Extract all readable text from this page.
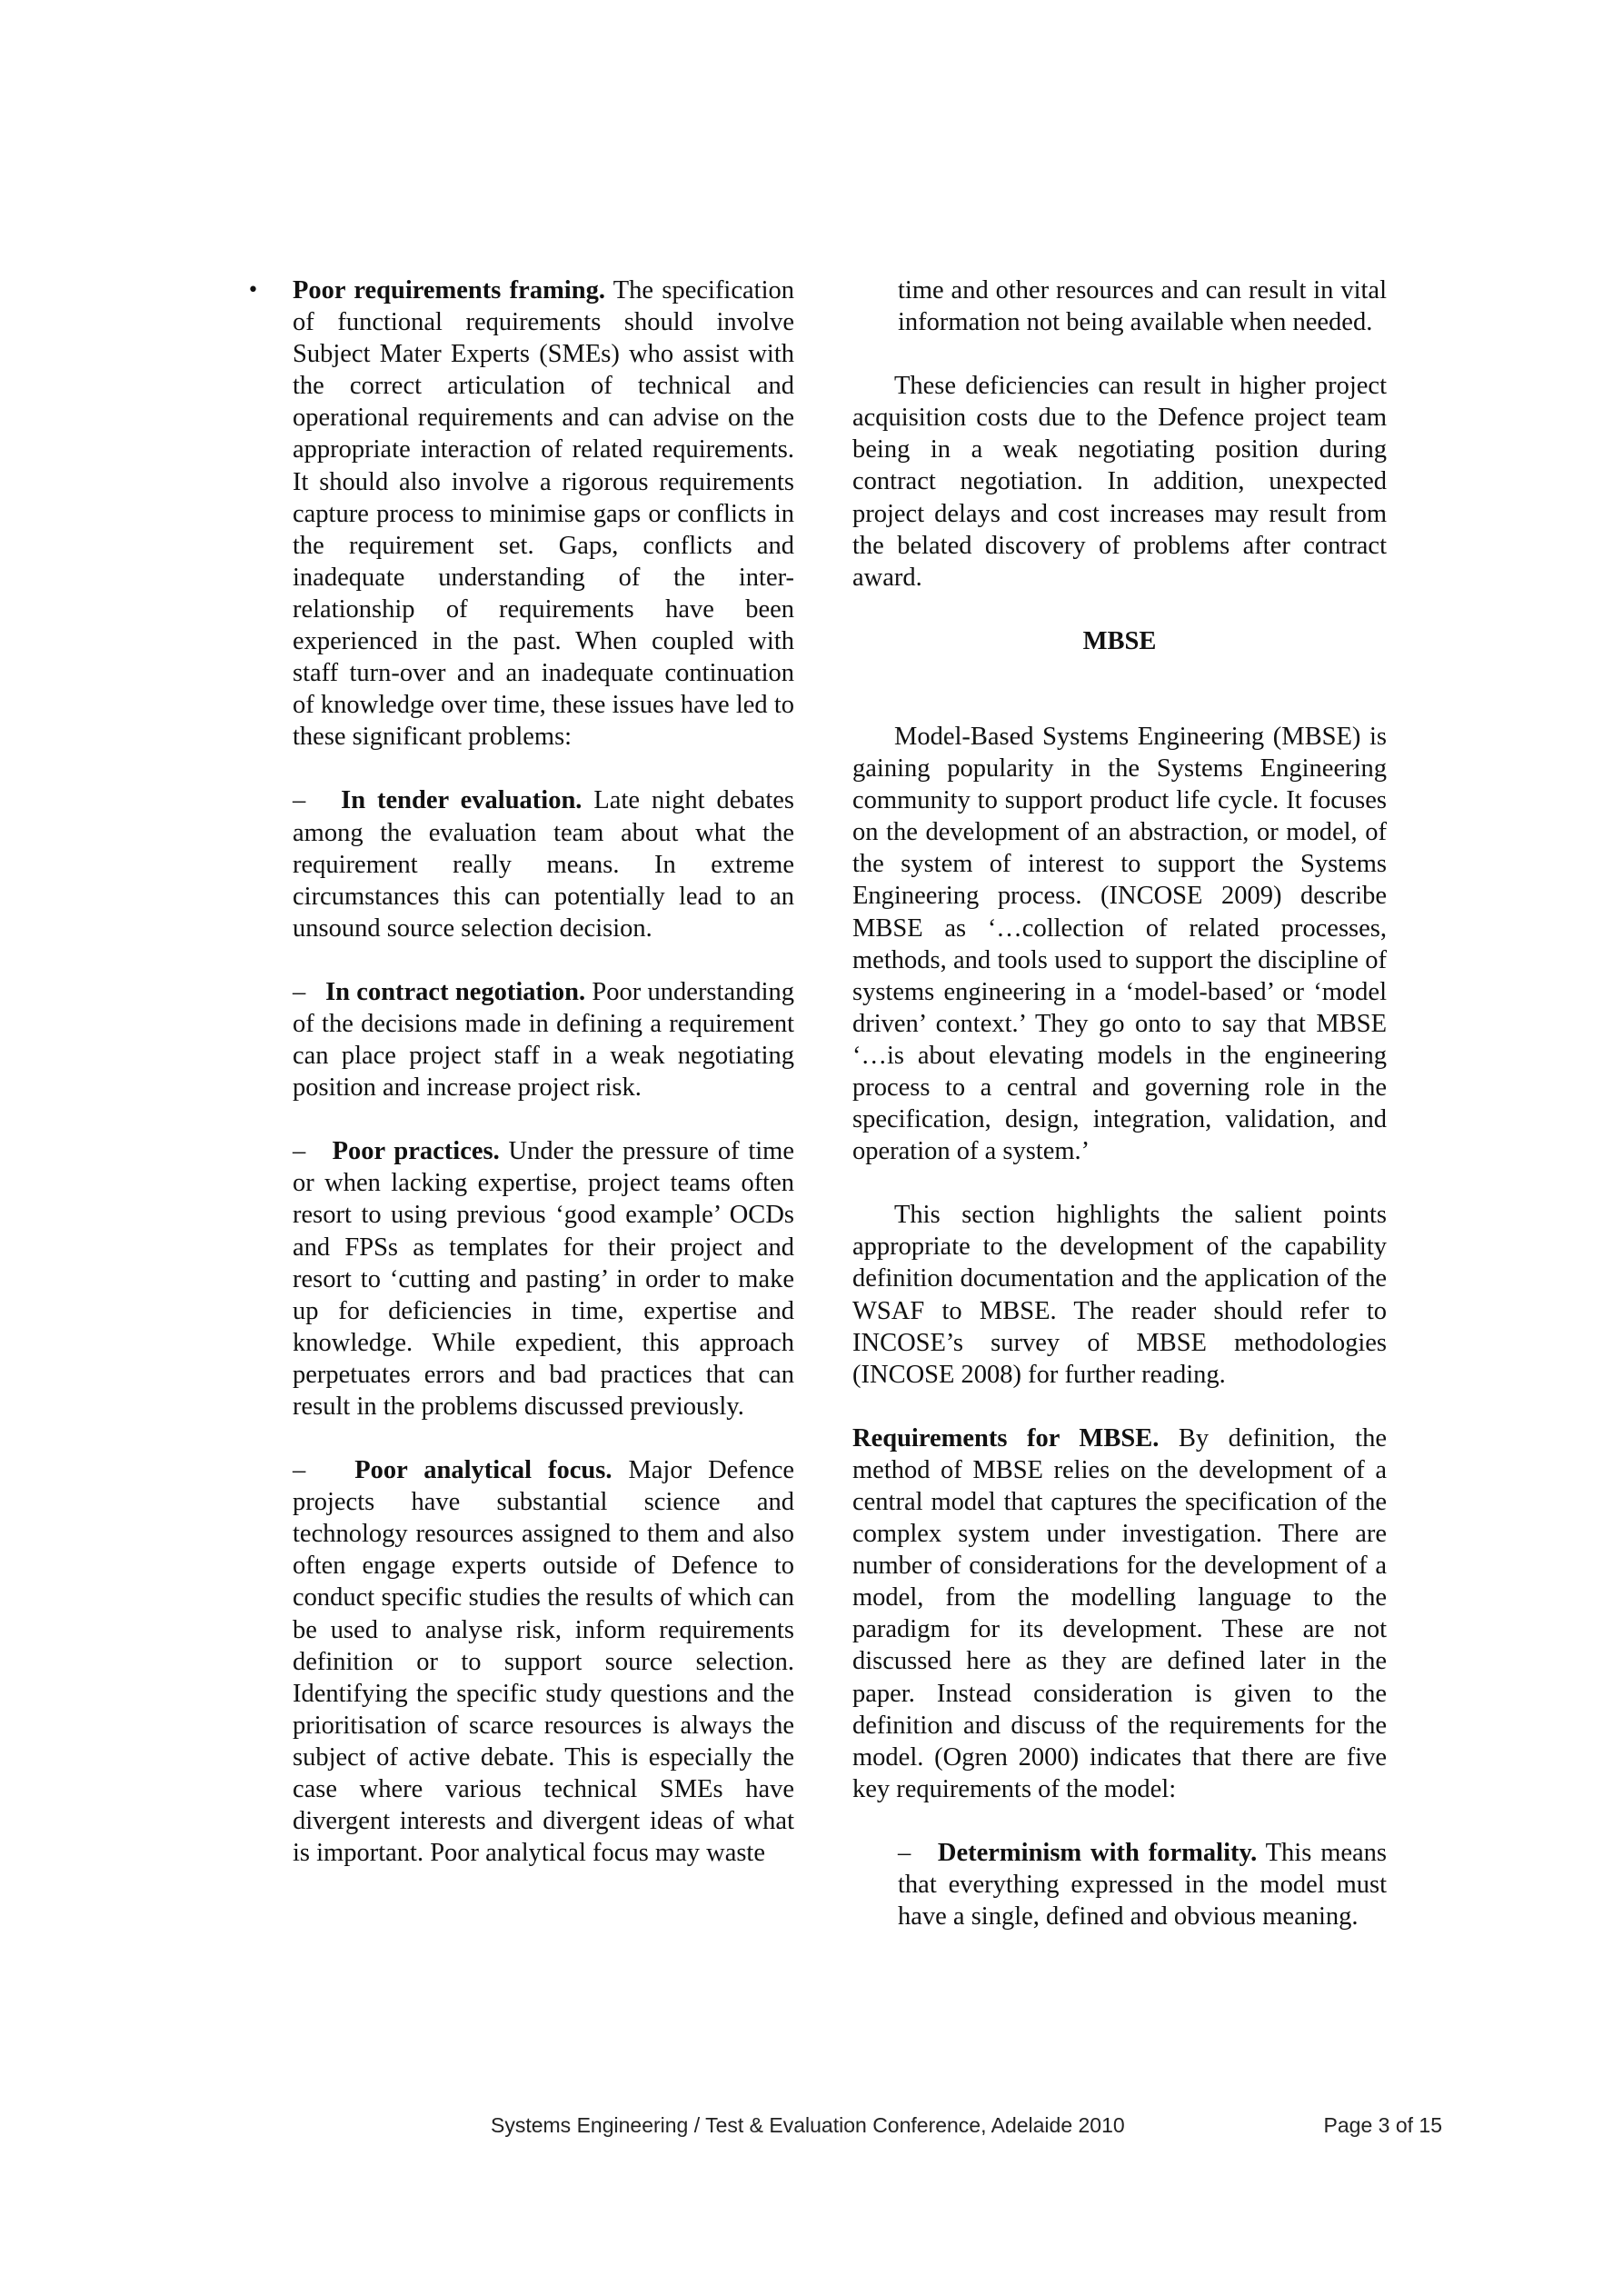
• Poor requirements framing. The specification of functional requirements should involve Subject Mater Experts (SMEs) who assist with the correct articulation of technical and operational requirements and can advise on the appropriate interaction of related requirements. It should also involve a rigorous requirements capture process to minimise gaps or conflicts in the requirement set. Gaps, conflicts and inadequate understanding of the inter-relationship of requirements have been experienced in the past. When coupled with staff turn-over and an inadequate continuation of knowledge over time, these issues have led to these significant problems:

– In tender evaluation. Late night debates among the evaluation team about what the requirement really means. In extreme circumstances this can potentially lead to an unsound source selection decision.

– In contract negotiation. Poor understanding of the decisions made in defining a requirement can place project staff in a weak negotiating position and increase project risk.

– Poor practices. Under the pressure of time or when lacking expertise, project teams often resort to using previous ‘good example’ OCDs and FPSs as templates for their project and resort to ‘cutting and pasting’ in order to make up for deficiencies in time, expertise and knowledge. While expedient, this approach perpetuates errors and bad practices that can result in the problems discussed previously.

– Poor analytical focus. Major Defence projects have substantial science and technology resources assigned to them and also often engage experts outside of Defence to conduct specific studies the results of which can be used to analyse risk, inform requirements definition or to support source selection. Identifying the specific study questions and the prioritisation of scarce resources is always the subject of active debate. This is especially the case where various technical SMEs have divergent interests and divergent ideas of what is important. Poor analytical focus may waste

time and other resources and can result in vital information not being available when needed.

These deficiencies can result in higher project acquisition costs due to the Defence project team being in a weak negotiating position during contract negotiation. In addition, unexpected project delays and cost increases may result from the belated discovery of problems after contract award.

MBSE

Model-Based Systems Engineering (MBSE) is gaining popularity in the Systems Engineering community to support product life cycle. It focuses on the development of an abstraction, or model, of the system of interest to support the Systems Engineering process. (INCOSE 2009) describe MBSE as ‘…collection of related processes, methods, and tools used to support the discipline of systems engineering in a ‘model-based’ or ‘model driven’ context.’ They go onto to say that MBSE ‘…is about elevating models in the engineering process to a central and governing role in the specification, design, integration, validation, and operation of a system.’

This section highlights the salient points appropriate to the development of the capability definition documentation and the application of the WSAF to MBSE. The reader should refer to INCOSE’s survey of MBSE methodologies (INCOSE 2008) for further reading.

Requirements for MBSE. By definition, the method of MBSE relies on the development of a central model that captures the specification of the complex system under investigation. There are number of considerations for the development of a model, from the modelling language to the paradigm for its development. These are not discussed here as they are defined later in the paper. Instead consideration is given to the definition and discuss of the requirements for the model. (Ogren 2000) indicates that there are five key requirements of the model:

– Determinism with formality. This means that everything expressed in the model must have a single, defined and obvious meaning.

Systems Engineering / Test & Evaluation Conference, Adelaide 2010	Page 3 of 15
